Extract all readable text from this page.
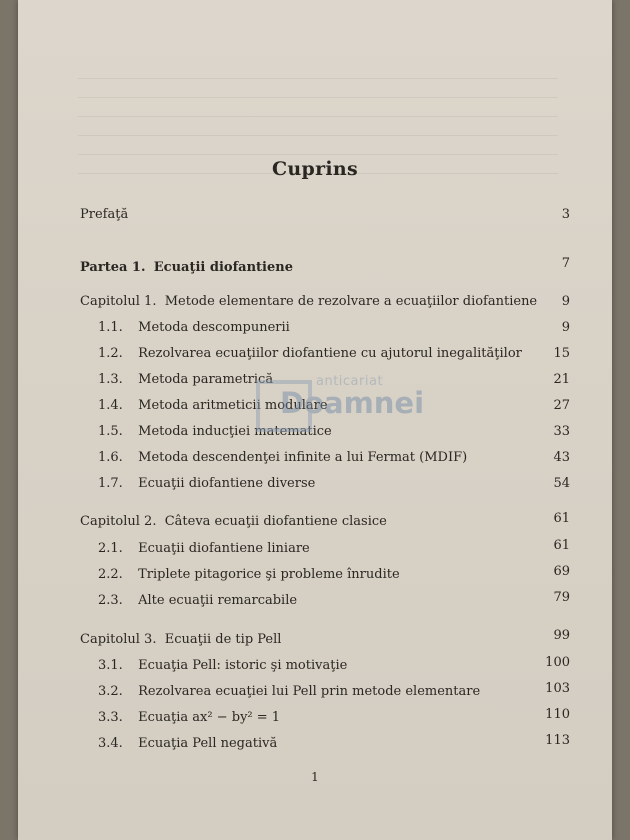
Cuprins
Prefaţă	3
Partea 1. Ecuaţii diofantiene	7
Capitolul 1. Metode elementare de rezolvare a ecuaţiilor diofantiene	9
1.1. Metoda descompunerii	9
1.2. Rezolvarea ecuaţiilor diofantiene cu ajutorul inegalităţilor	15
1.3. Metoda parametrică	21
1.4. Metoda aritmeticii modulare	27
1.5. Metoda inducţiei matematice	33
1.6. Metoda descendenţei infinite a lui Fermat (MDIF)	43
1.7. Ecuaţii diofantiene diverse	54
Capitolul 2. Câteva ecuaţii diofantiene clasice	61
2.1. Ecuaţii diofantiene liniare	61
2.2. Triplete pitagorice şi probleme înrudite	69
2.3. Alte ecuaţii remarcabile	79
Capitolul 3. Ecuaţii de tip Pell	99
3.1. Ecuaţia Pell: istoric şi motivaţie	100
3.2. Rezolvarea ecuaţiei lui Pell prin metode elementare	103
3.3. Ecuaţia ax² − by² = 1	110
3.4. Ecuaţia Pell negativă	113
anticariat
Doamnei
1
